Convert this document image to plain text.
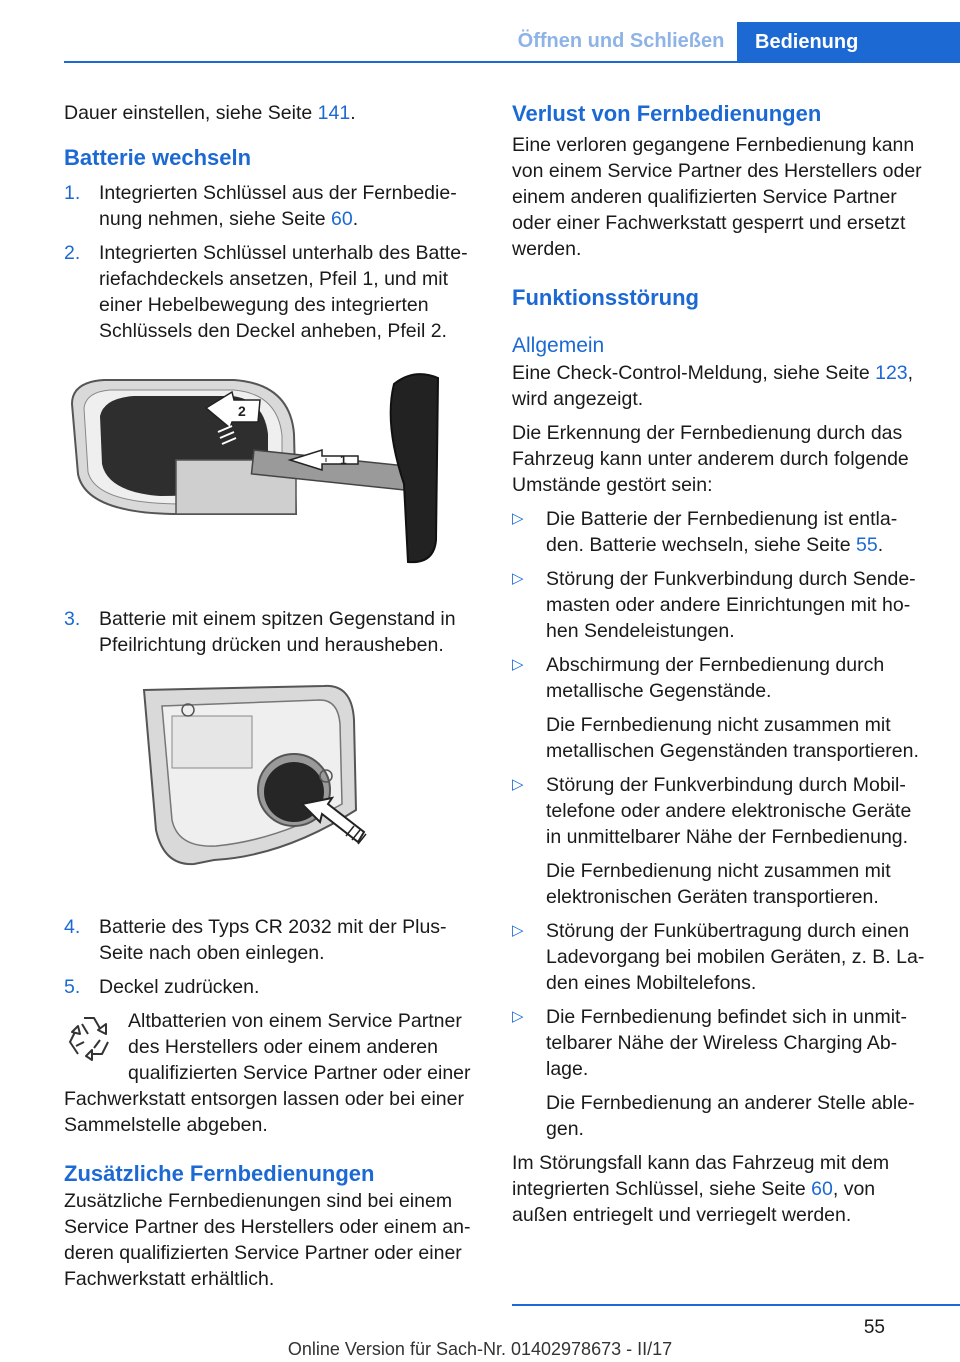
Öffnen und Schließen	Bedienung

Dauer einstellen, siehe Seite 141.

Batterie wechseln
1. Integrierten Schlüssel aus der Fernbedienung nehmen, siehe Seite 60.
2. Integrierten Schlüssel unterhalb des Batteriefachdeckels ansetzen, Pfeil 1, und mit einer Hebelbewegung des integrierten Schlüssels den Deckel anheben, Pfeil 2.
1
2
3. Batterie mit einem spitzen Gegenstand in Pfeilrichtung drücken und herausheben.
4. Batterie des Typs CR 2032 mit der Plus-Seite nach oben einlegen.
5. Deckel zudrücken.
Altbatterien von einem Service Partner des Herstellers oder einem anderen qualifizierten Service Partner oder einer Fachwerkstatt entsorgen lassen oder bei einer Sammelstelle abgeben.
Zusätzliche Fernbedienungen

Zusätzliche Fernbedienungen sind bei einem Service Partner des Herstellers oder einem anderen qualifizierten Service Partner oder einer Fachwerkstatt erhältlich.

Verlust von Fernbedienungen

Eine verloren gegangene Fernbedienung kann von einem Service Partner des Herstellers oder einem anderen qualifizierten Service Partner oder einer Fachwerkstatt gesperrt und ersetzt werden.

Funktionsstörung
Allgemein

Eine Check-Control-Meldung, siehe Seite 123, wird angezeigt.

Die Erkennung der Fernbedienung durch das Fahrzeug kann unter anderem durch folgende Umstände gestört sein:

▷ Die Batterie der Fernbedienung ist entladen. Batterie wechseln, siehe Seite 55.

▷ Störung der Funkverbindung durch Sendemasten oder andere Einrichtungen mit hohen Sendeleistungen.

▷ Abschirmung der Fernbedienung durch metallische Gegenstände.

Die Fernbedienung nicht zusammen mit metallischen Gegenständen transportieren.

▷ Störung der Funkverbindung durch Mobiltelefone oder andere elektronische Geräte in unmittelbarer Nähe der Fernbedienung.

Die Fernbedienung nicht zusammen mit elektronischen Geräten transportieren.

▷ Störung der Funkübertragung durch einen Ladevorgang bei mobilen Geräten, z. B. Laden eines Mobiltelefons.

▷ Die Fernbedienung befindet sich in unmittelbarer Nähe der Wireless Charging Ablage.

Die Fernbedienung an anderer Stelle ablegen.

Im Störungsfall kann das Fahrzeug mit dem integrierten Schlüssel, siehe Seite 60, von außen entriegelt und verriegelt werden.

55
Online Version für Sach-Nr. 01402978673 - II/17
